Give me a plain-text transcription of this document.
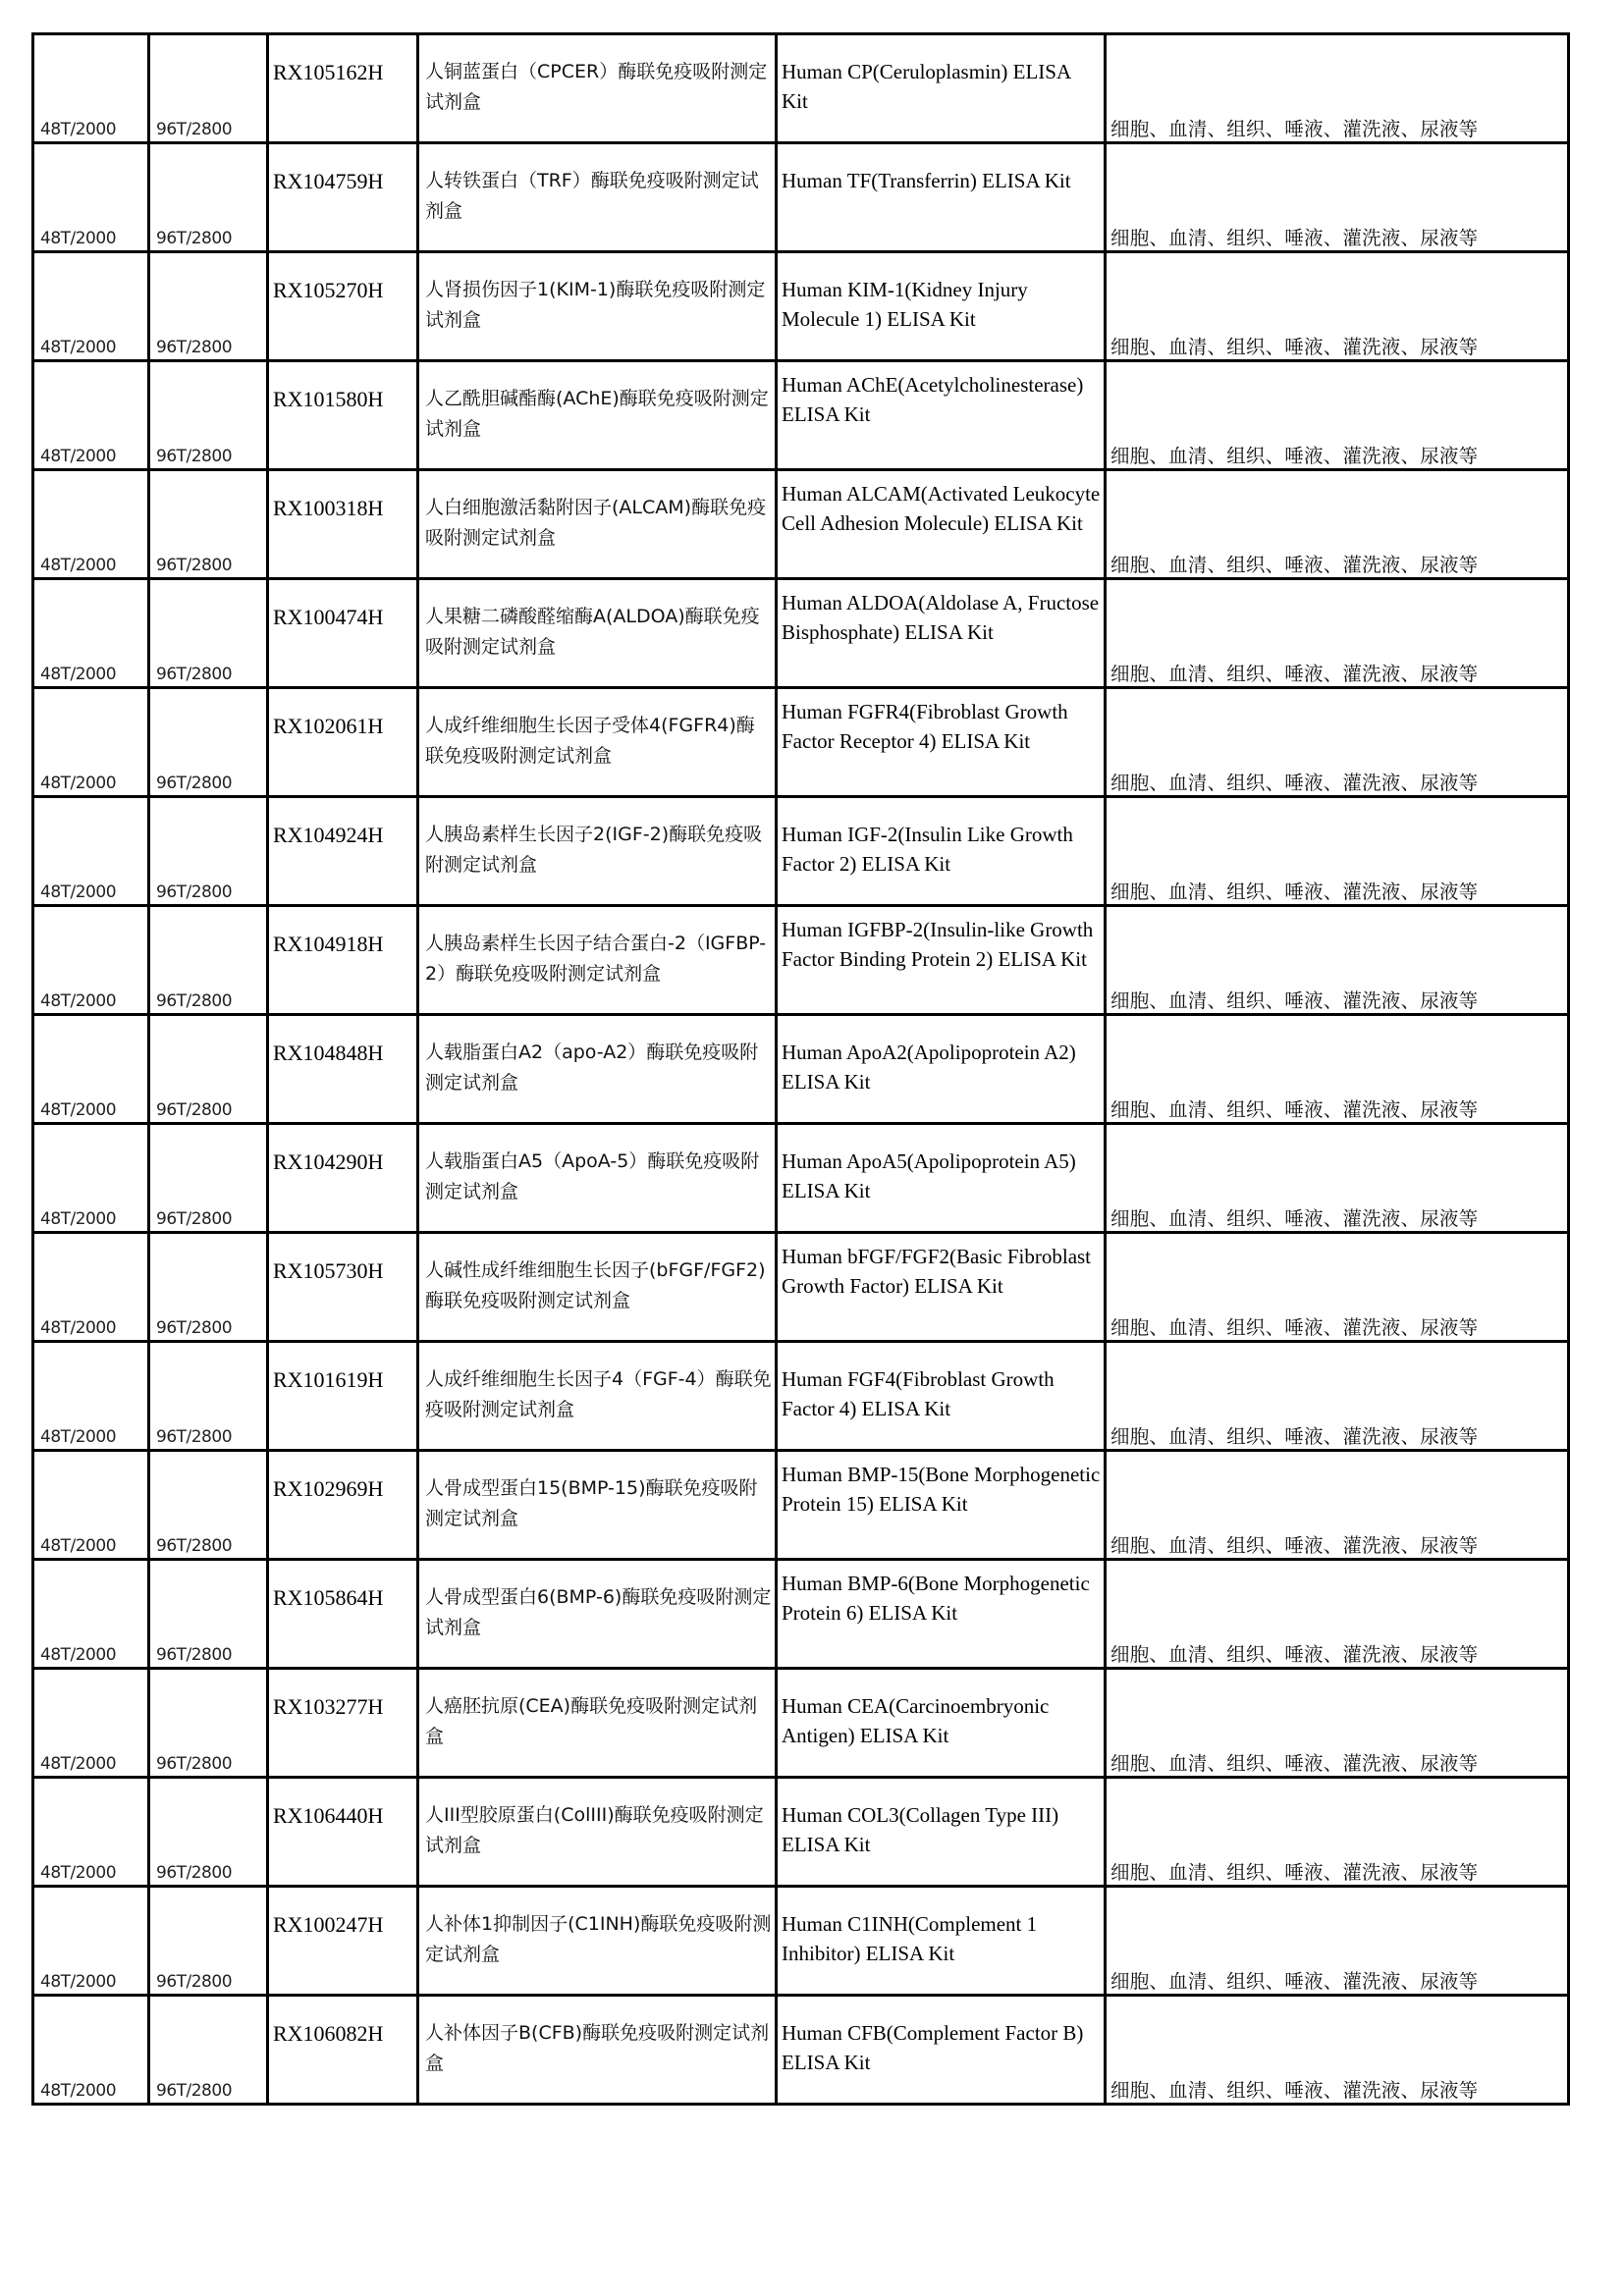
48T/2000	96T/2800	RX105162H	人铜蓝蛋白（CPCER）酶联免疫吸附测定试剂盒	Human CP(Ceruloplasmin) ELISA Kit	细胞、血清、组织、唾液、灌洗液、尿液等

48T/2000	96T/2800	RX104759H	人转铁蛋白（TRF）酶联免疫吸附测定试剂盒	Human TF(Transferrin) ELISA Kit	细胞、血清、组织、唾液、灌洗液、尿液等

48T/2000	96T/2800	RX105270H	人肾损伤因子1(KIM-1)酶联免疫吸附测定试剂盒	Human KIM-1(Kidney Injury Molecule 1) ELISA Kit	细胞、血清、组织、唾液、灌洗液、尿液等

48T/2000	96T/2800	RX101580H	人乙酰胆碱酯酶(AChE)酶联免疫吸附测定试剂盒	Human AChE(Acetylcholinesterase) ELISA Kit	细胞、血清、组织、唾液、灌洗液、尿液等

48T/2000	96T/2800	RX100318H	人白细胞激活黏附因子(ALCAM)酶联免疫吸附测定试剂盒	Human ALCAM(Activated Leukocyte Cell Adhesion Molecule) ELISA Kit	细胞、血清、组织、唾液、灌洗液、尿液等

48T/2000	96T/2800	RX100474H	人果糖二磷酸醛缩酶A(ALDOA)酶联免疫吸附测定试剂盒	Human ALDOA(Aldolase A, Fructose Bisphosphate) ELISA Kit	细胞、血清、组织、唾液、灌洗液、尿液等

48T/2000	96T/2800	RX102061H	人成纤维细胞生长因子受体4(FGFR4)酶联免疫吸附测定试剂盒	Human FGFR4(Fibroblast Growth Factor Receptor 4) ELISA Kit	细胞、血清、组织、唾液、灌洗液、尿液等

48T/2000	96T/2800	RX104924H	人胰岛素样生长因子2(IGF-2)酶联免疫吸附测定试剂盒	Human IGF-2(Insulin Like Growth Factor 2) ELISA Kit	细胞、血清、组织、唾液、灌洗液、尿液等

48T/2000	96T/2800	RX104918H	人胰岛素样生长因子结合蛋白-2（IGFBP-2）酶联免疫吸附测定试剂盒	Human IGFBP-2(Insulin-like Growth Factor Binding Protein 2) ELISA Kit	细胞、血清、组织、唾液、灌洗液、尿液等

48T/2000	96T/2800	RX104848H	人载脂蛋白A2（apo-A2）酶联免疫吸附测定试剂盒	Human ApoA2(Apolipoprotein A2) ELISA Kit	细胞、血清、组织、唾液、灌洗液、尿液等

48T/2000	96T/2800	RX104290H	人载脂蛋白A5（ApoA-5）酶联免疫吸附测定试剂盒	Human ApoA5(Apolipoprotein A5) ELISA Kit	细胞、血清、组织、唾液、灌洗液、尿液等

48T/2000	96T/2800	RX105730H	人碱性成纤维细胞生长因子(bFGF/FGF2)酶联免疫吸附测定试剂盒	Human bFGF/FGF2(Basic Fibroblast Growth Factor) ELISA Kit	细胞、血清、组织、唾液、灌洗液、尿液等

48T/2000	96T/2800	RX101619H	人成纤维细胞生长因子4（FGF-4）酶联免疫吸附测定试剂盒	Human FGF4(Fibroblast Growth Factor 4) ELISA Kit	细胞、血清、组织、唾液、灌洗液、尿液等

48T/2000	96T/2800	RX102969H	人骨成型蛋白15(BMP-15)酶联免疫吸附测定试剂盒	Human BMP-15(Bone Morphogenetic Protein 15) ELISA Kit	细胞、血清、组织、唾液、灌洗液、尿液等

48T/2000	96T/2800	RX105864H	人骨成型蛋白6(BMP-6)酶联免疫吸附测定试剂盒	Human BMP-6(Bone Morphogenetic Protein 6) ELISA Kit	细胞、血清、组织、唾液、灌洗液、尿液等

48T/2000	96T/2800	RX103277H	人癌胚抗原(CEA)酶联免疫吸附测定试剂盒	Human CEA(Carcinoembryonic Antigen) ELISA Kit	细胞、血清、组织、唾液、灌洗液、尿液等

48T/2000	96T/2800	RX106440H	人III型胶原蛋白(ColIII)酶联免疫吸附测定试剂盒	Human COL3(Collagen Type III) ELISA Kit	细胞、血清、组织、唾液、灌洗液、尿液等

48T/2000	96T/2800	RX100247H	人补体1抑制因子(C1INH)酶联免疫吸附测定试剂盒	Human C1INH(Complement 1 Inhibitor) ELISA Kit	细胞、血清、组织、唾液、灌洗液、尿液等

48T/2000	96T/2800	RX106082H	人补体因子B(CFB)酶联免疫吸附测定试剂盒	Human CFB(Complement Factor B) ELISA Kit	细胞、血清、组织、唾液、灌洗液、尿液等
